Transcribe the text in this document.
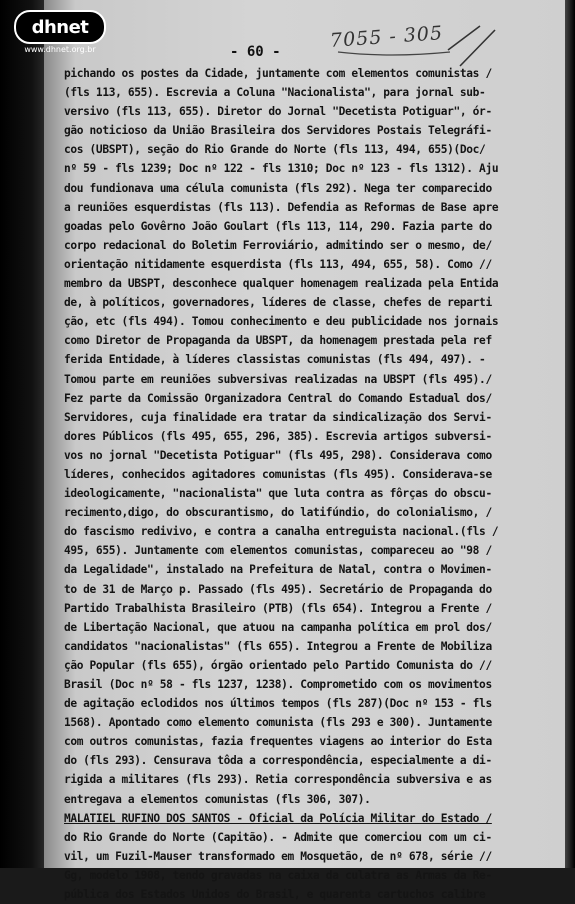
dhnet
www.dhnet.org.br	- 60 -
7055 - 305
pichando os postes da Cidade, juntamente com elementos comunistas /
(fls 113, 655). Escrevia a Coluna "Nacionalista", para jornal sub-
versivo (fls 113, 655). Diretor do Jornal "Decetista Potiguar", ór-
gão noticioso da União Brasileira dos Servidores Postais Telegráfi-
cos (UBSPT), seção do Rio Grande do Norte (fls 113, 494, 655)(Doc/
nº 59 - fls 1239; Doc nº 122 - fls 1310; Doc nº 123 - fls 1312). Aju
dou fundionava uma célula comunista (fls 292). Nega ter comparecido
a reuniões esquerdistas (fls 113). Defendia as Reformas de Base apre
goadas pelo Govêrno João Goulart (fls 113, 114, 290. Fazia parte do
corpo redacional do Boletim Ferroviário, admitindo ser o mesmo, de/
orientação nitidamente esquerdista (fls 113, 494, 655, 58). Como //
membro da UBSPT, desconhece qualquer homenagem realizada pela Entida
de, à políticos, governadores, líderes de classe, chefes de reparti
ção, etc (fls 494). Tomou conhecimento e deu publicidade nos jornais
como Diretor de Propaganda da UBSPT, da homenagem prestada pela ref
ferida Entidade, à líderes classistas comunistas (fls 494, 497). -
Tomou parte em reuniões subversivas realizadas na UBSPT (fls 495)./
Fez parte da Comissão Organizadora Central do Comando Estadual dos/
Servidores, cuja finalidade era tratar da sindicalização dos Servi-
dores Públicos (fls 495, 655, 296, 385). Escrevia artigos subversi-
vos no jornal "Decetista Potiguar" (fls 495, 298). Considerava como
líderes, conhecidos agitadores comunistas (fls 495). Considerava-se
ideologicamente, "nacionalista" que luta contra as fôrças do obscu-
recimento,digo, do obscurantismo, do latifúndio, do colonialismo, /
do fascismo redivivo, e contra a canalha entreguista nacional.(fls /
495, 655). Juntamente com elementos comunistas, compareceu ao "98 /
da Legalidade", instalado na Prefeitura de Natal, contra o Movimen-
to de 31 de Março p. Passado (fls 495). Secretário de Propaganda do
Partido Trabalhista Brasileiro (PTB) (fls 654). Integrou a Frente /
de Libertação Nacional, que atuou na campanha política em prol dos/
candidatos "nacionalistas" (fls 655). Integrou a Frente de Mobiliza
ção Popular (fls 655), órgão orientado pelo Partido Comunista do //
Brasil (Doc nº 58 - fls 1237, 1238). Comprometido com os movimentos
de agitação eclodidos nos últimos tempos (fls 287)(Doc nº 153 - fls
1568). Apontado como elemento comunista (fls 293 e 300). Juntamente
com outros comunistas, fazia frequentes viagens ao interior do Esta
do (fls 293). Censurava tôda a correspondência, especialmente a di-
rigida a militares (fls 293). Retia correspondência subversiva e as
entregava a elementos comunistas (fls 306, 307).
MALATIEL RUFINO DOS SANTOS - Oficial da Polícia Militar do Estado /
do Rio Grande do Norte (Capitão). - Admite que comerciou com um ci-
vil, um Fuzil-Mauser transformado em Mosquetão, de nº 678, série //
Gg, modelo 1908, tendo gravadas na caixa da culatra as Armas da Re-
pública dos Estados Unidos do Brasil, e quarenta cartuchos calibre
